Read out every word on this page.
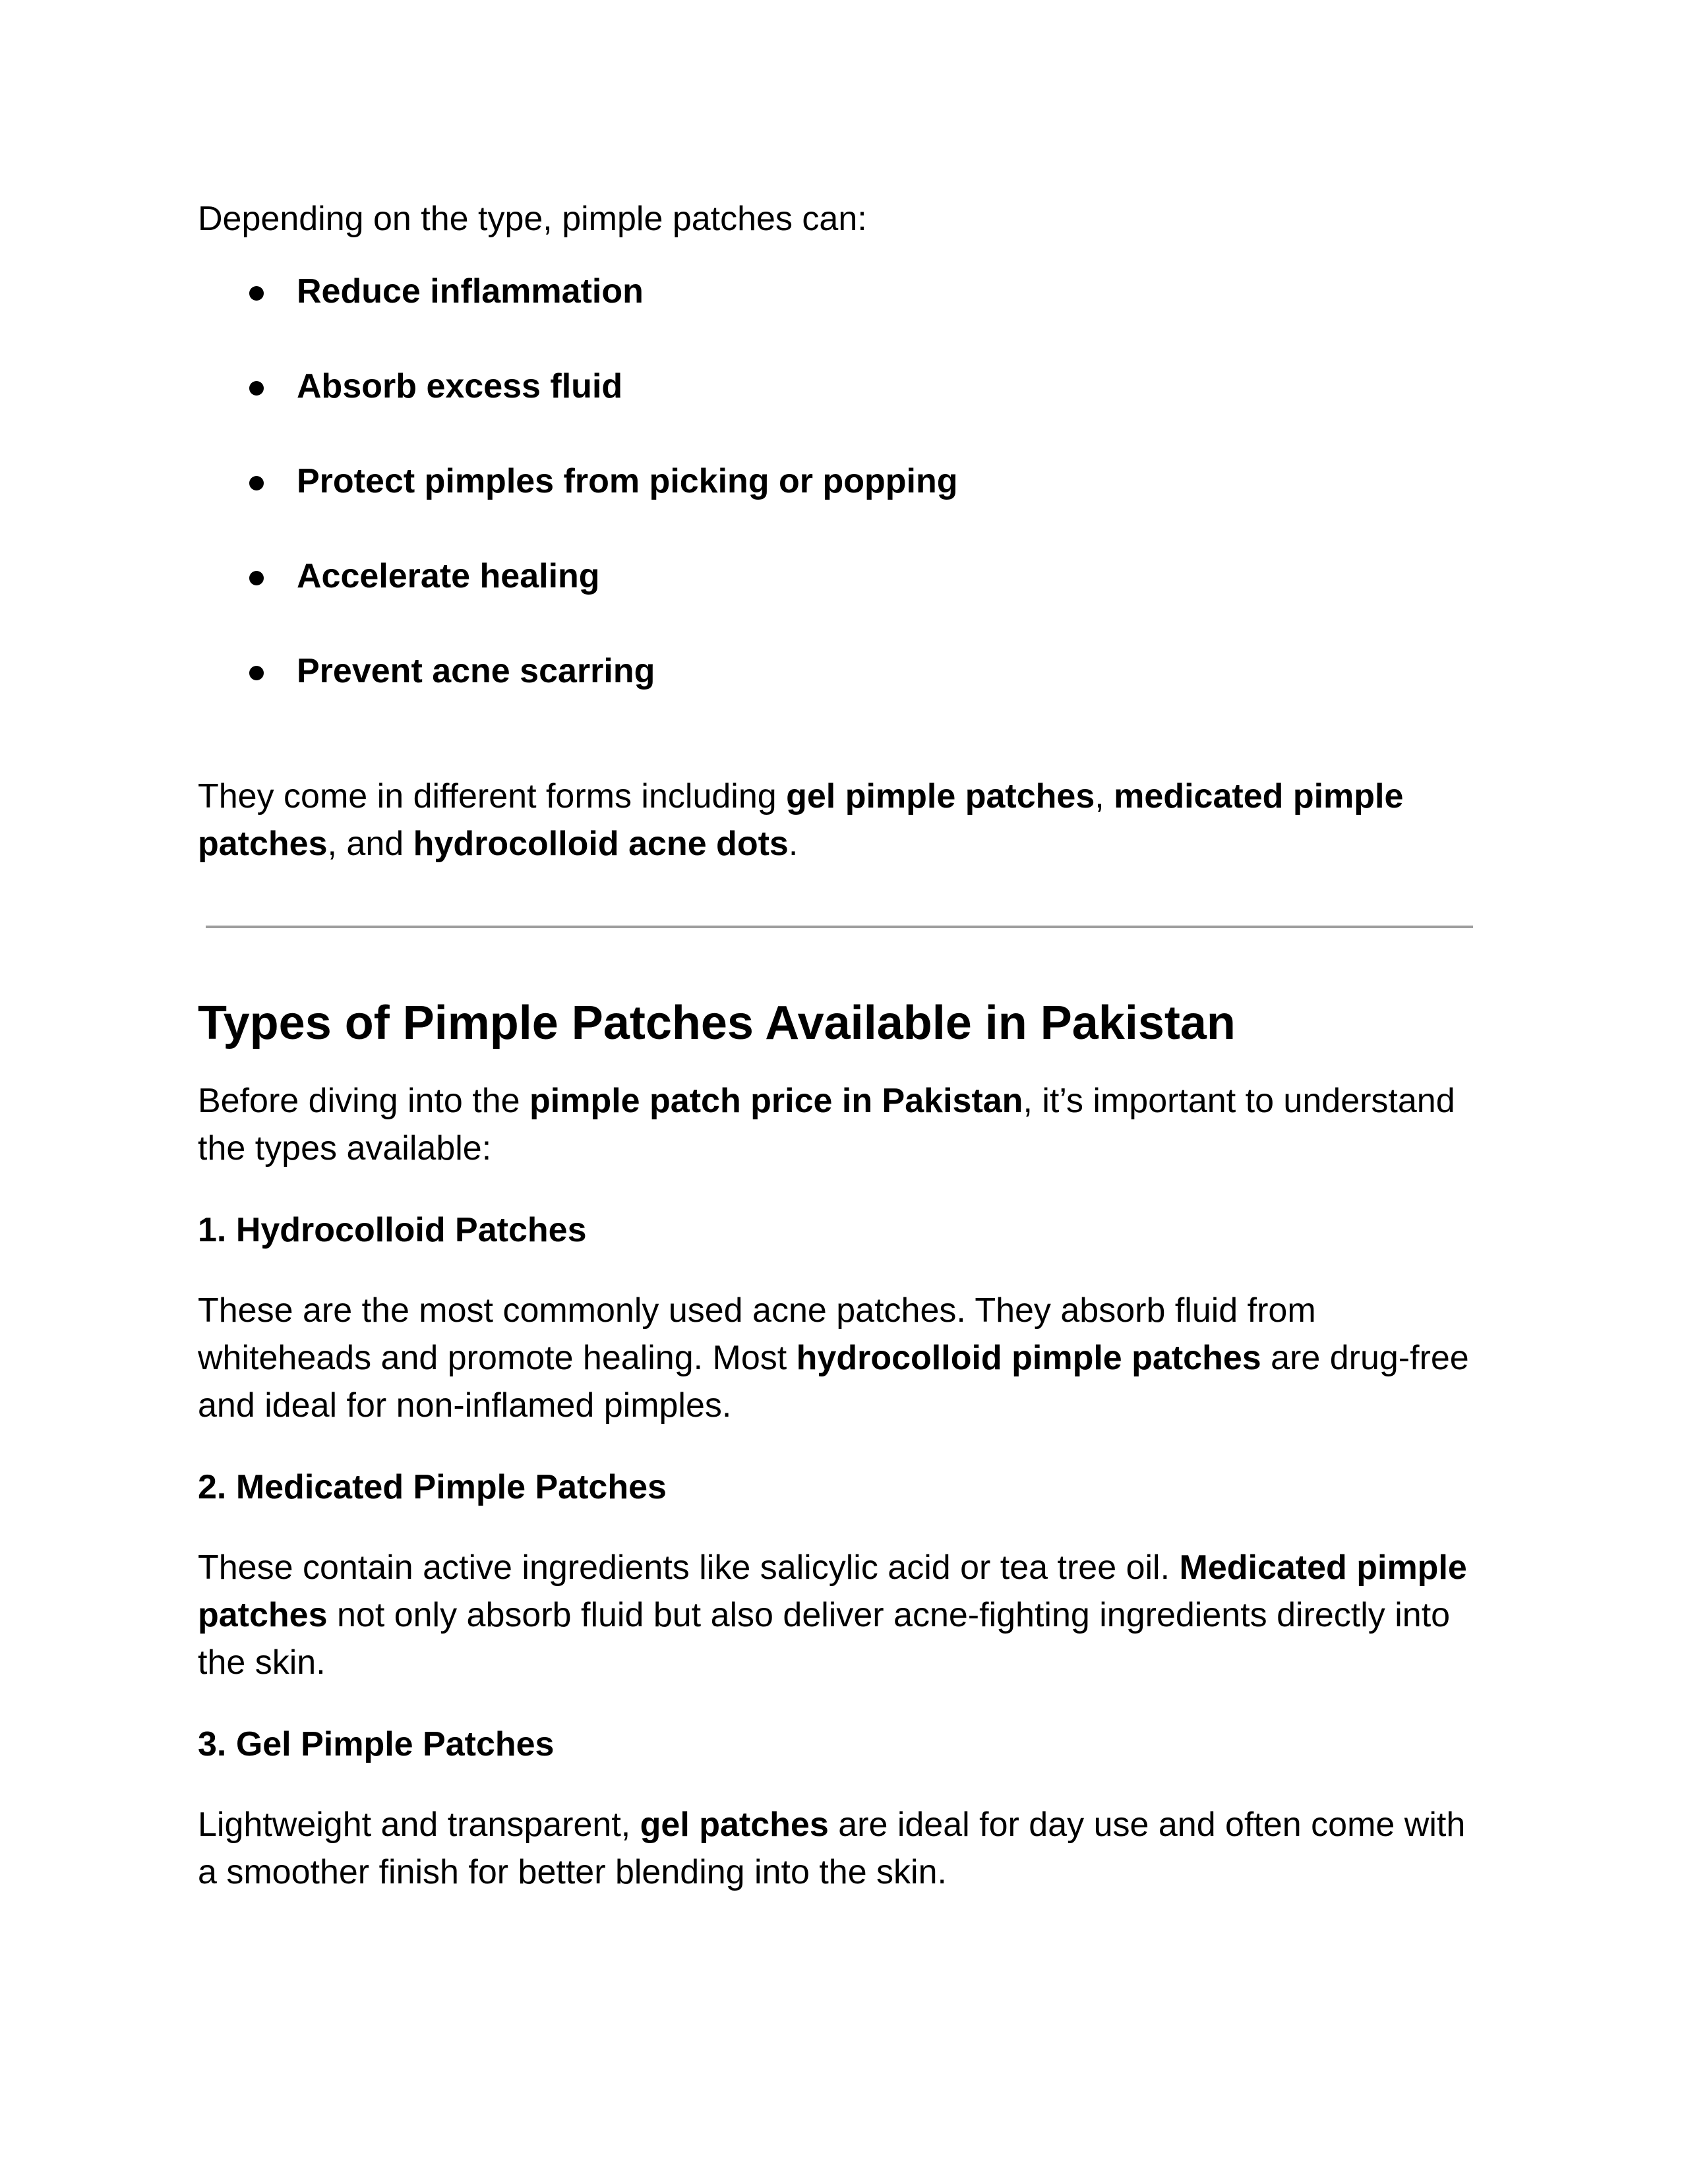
Depending on the type, pimple patches can:

Reduce inflammation
Absorb excess fluid
Protect pimples from picking or popping
Accelerate healing
Prevent acne scarring

They come in different forms including gel pimple patches, medicated pimple patches, and hydrocolloid acne dots.

Types of Pimple Patches Available in Pakistan

Before diving into the pimple patch price in Pakistan, it’s important to understand the types available:

1. Hydrocolloid Patches

These are the most commonly used acne patches. They absorb fluid from whiteheads and promote healing. Most hydrocolloid pimple patches are drug-free and ideal for non-inflamed pimples.

2. Medicated Pimple Patches

These contain active ingredients like salicylic acid or tea tree oil. Medicated pimple patches not only absorb fluid but also deliver acne-fighting ingredients directly into the skin.

3. Gel Pimple Patches

Lightweight and transparent, gel patches are ideal for day use and often come with a smoother finish for better blending into the skin.
